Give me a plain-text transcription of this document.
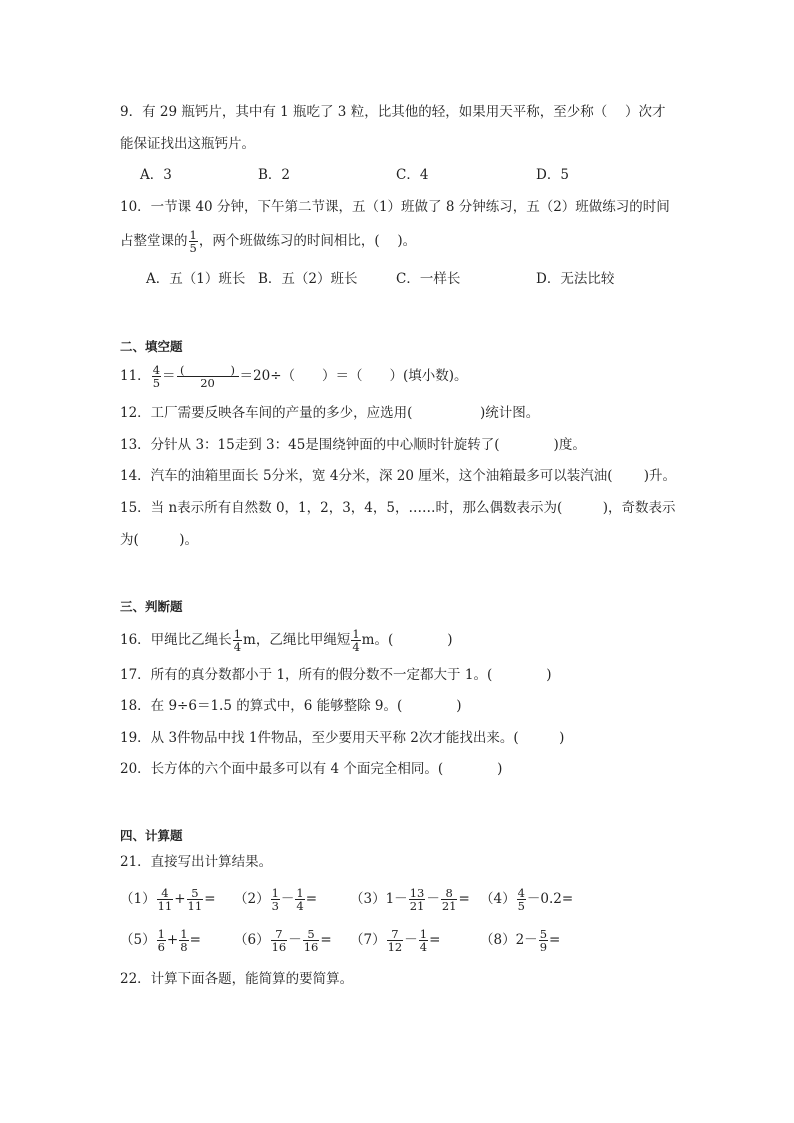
9．有 29 瓶钙片，其中有 1 瓶吃了 3 粒，比其他的轻，如果用天平称，至少称（　 ）次才
能保证找出这瓶钙片。
A．3	B．2	C．4	D．5
10．一节课 40 分钟，下午第二节课，五（1）班做了 8 分钟练习，五（2）班做练习的时间
占整堂课的 $\frac{1}{5}$ ，两个班做练习的时间相比，(　 )。
A．五（1）班长 B．五（2）班长	C．一样长	D．无法比较
二、填空题
11． $\frac{4}{5} = \frac{( )}{20} =20\div$（　　）＝（　　）(填小数)。
12．工厂需要反映各车间的产量的多少，应选用(　　　　　)统计图。
13．分针从 3：15走到 3：45是围绕钟面的中心顺时针旋转了(　　　　)度。
14．汽车的油箱里面长 5分米，宽 4分米，深 20 厘米，这个油箱最多可以装汽油(　　 )升。
15．当 n表示所有自然数 0，1，2，3，4，5，……时，那么偶数表示为(　　　)，奇数表示
为(　　　)。
三、判断题
16．甲绳比乙绳长 $\frac{1}{4}$ m，乙绳比甲绳短 $\frac{1}{4}$ m。(　　　　)
17．所有的真分数都小于 1，所有的假分数不一定都大于 1。(　　　　)
18．在 9÷6＝1.5 的算式中，6 能够整除 9。(　　　　)
19．从 3件物品中找 1件物品，至少要用天平称 2次才能找出来。(　　　)
20．长方体的六个面中最多可以有 4 个面完全相同。(　　　　)
四、计算题
21．直接写出计算结果。
$(1) \frac{4}{11} + \frac{5}{11} = (2) \frac{1}{3} - \frac{1}{4} = (3)1- \frac{13}{21} - \frac{8}{21} = (4) \frac{4}{5} -0.2=$
$(5) \frac{1}{6} + \frac{1}{8} = (6) \frac{7}{16} - \frac{5}{16} = (7) \frac{7}{12} - \frac{1}{4}$ =	$(8)2- \frac{5}{9}$ =
22．计算下面各题，能简算的要简算。
